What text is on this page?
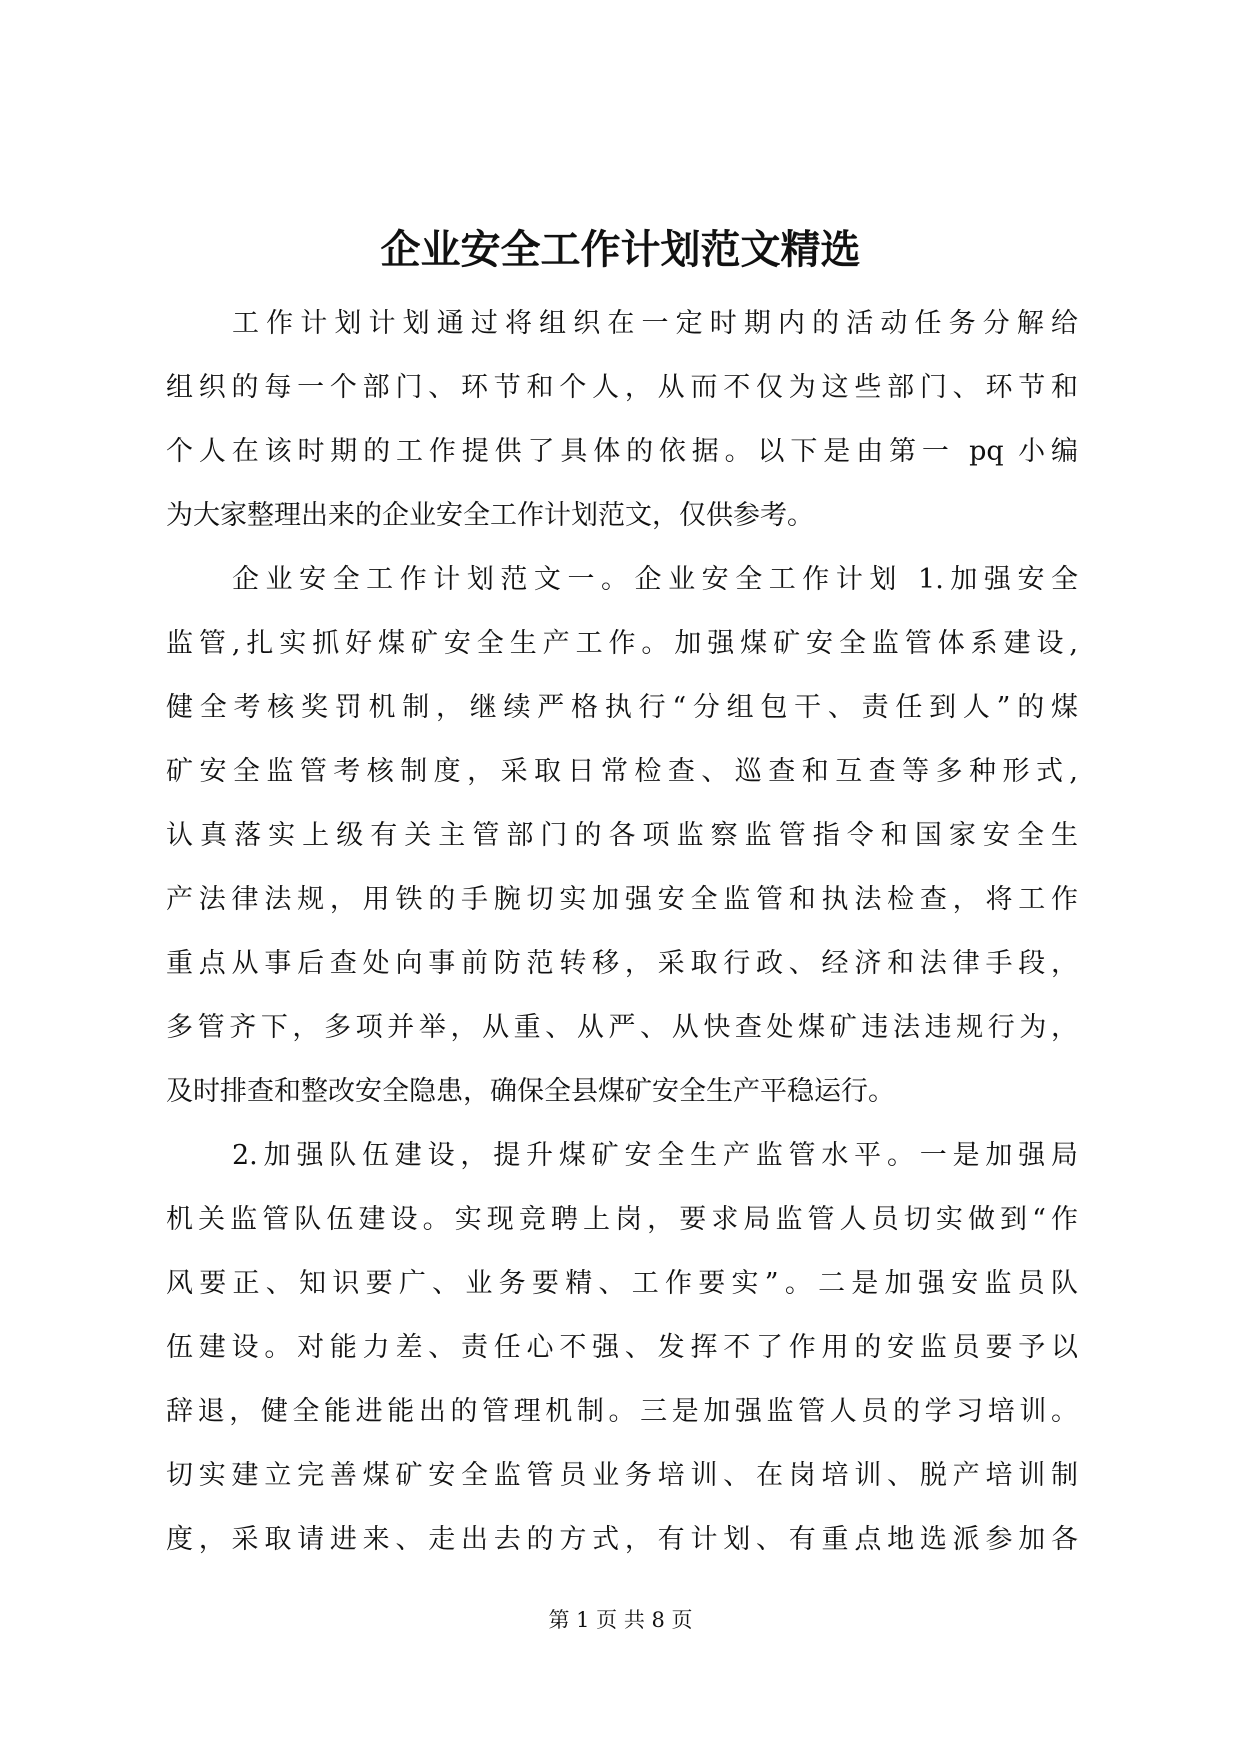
企业安全工作计划范文精选
工作计划计划通过将组织在一定时期内的活动任务分解给
组织的每一个部门、环节和个人，从而不仅为这些部门、环节和
个人在该时期的工作提供了具体的依据。以下是由第一 pq 小编
为大家整理出来的企业安全工作计划范文，仅供参考。
企业安全工作计划范文一。企业安全工作计划 1.加强安全
监管,扎实抓好煤矿安全生产工作。加强煤矿安全监管体系建设,
健全考核奖罚机制，继续严格执行“分组包干、责任到人”的煤
矿安全监管考核制度，采取日常检查、巡查和互查等多种形式,
认真落实上级有关主管部门的各项监察监管指令和国家安全生
产法律法规，用铁的手腕切实加强安全监管和执法检查，将工作
重点从事后查处向事前防范转移，采取行政、经济和法律手段，
多管齐下，多项并举，从重、从严、从快查处煤矿违法违规行为，
及时排查和整改安全隐患，确保全县煤矿安全生产平稳运行。
2.加强队伍建设，提升煤矿安全生产监管水平。一是加强局
机关监管队伍建设。实现竞聘上岗，要求局监管人员切实做到“作
风要正、知识要广、业务要精、工作要实”。二是加强安监员队
伍建设。对能力差、责任心不强、发挥不了作用的安监员要予以
辞退，健全能进能出的管理机制。三是加强监管人员的学习培训。
切实建立完善煤矿安全监管员业务培训、在岗培训、脱产培训制
度，采取请进来、走出去的方式，有计划、有重点地选派参加各
第 1 页 共 8 页
